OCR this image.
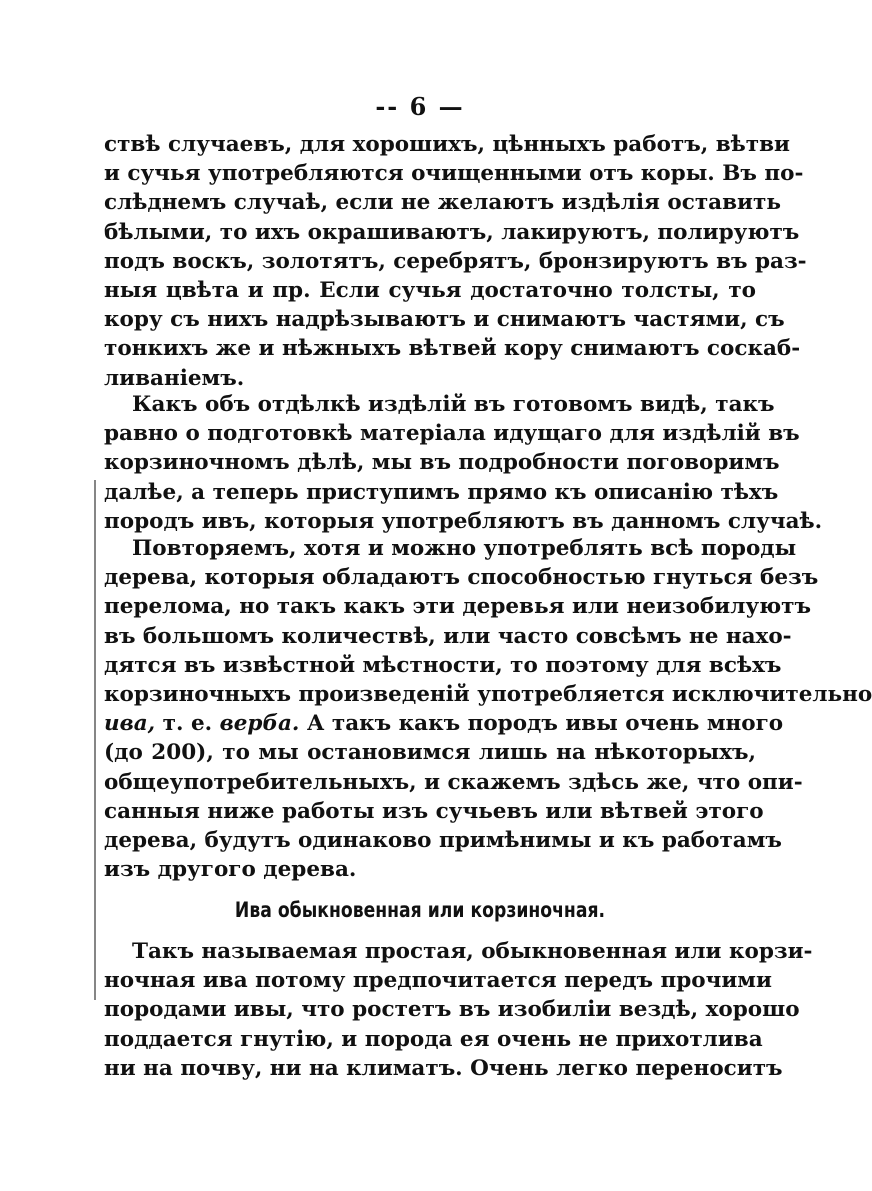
-- 6 —
ствѣ случаевъ, для хорошихъ, цѣнныхъ работъ, вѣтви
и сучья употребляются очищенными отъ коры. Въ по-
слѣднемъ случаѣ, если не желаютъ издѣлія оставить
бѣлыми, то ихъ окрашиваютъ, лакируютъ, полируютъ
подъ воскъ, золотятъ, серебрятъ, бронзируютъ въ раз-
ныя цвѣта и пр. Если сучья достаточно толсты, то
кору съ нихъ надрѣзываютъ и снимаютъ частями, съ
тонкихъ же и нѣжныхъ вѣтвей кору снимаютъ соскаб-
ливаніемъ.
Какъ объ отдѣлкѣ издѣлій въ готовомъ видѣ, такъ
равно о подготовкѣ матеріала идущаго для издѣлій въ
корзиночномъ дѣлѣ, мы въ подробности поговоримъ
далѣе, а теперь приступимъ прямо къ описанію тѣхъ
породъ ивъ, которыя употребляютъ въ данномъ случаѣ.
Повторяемъ, хотя и можно употреблять всѣ породы
дерева, которыя обладаютъ способностью гнуться безъ
перелома, но такъ какъ эти деревья или неизобилуютъ
въ большомъ количествѣ, или часто совсѣмъ не нахо-
дятся въ извѣстной мѣстности, то поэтому для всѣхъ
корзиночныхъ произведеній употребляется исключительно
ива, т. е. верба. А такъ какъ породъ ивы очень много
(до 200), то мы остановимся лишь на нѣкоторыхъ,
общеупотребительныхъ, и скажемъ здѣсь же, что опи-
санныя ниже работы изъ сучьевъ или вѣтвей этого
дерева, будутъ одинаково примѣнимы и къ работамъ
изъ другого дерева.
Ива обыкновенная или корзиночная.
Такъ называемая простая, обыкновенная или корзи-
ночная ива потому предпочитается передъ прочими
породами ивы, что ростетъ въ изобиліи вездѣ, хорошо
поддается гнутію, и порода ея очень не прихотлива
ни на почву, ни на климатъ. Очень легко переноситъ
